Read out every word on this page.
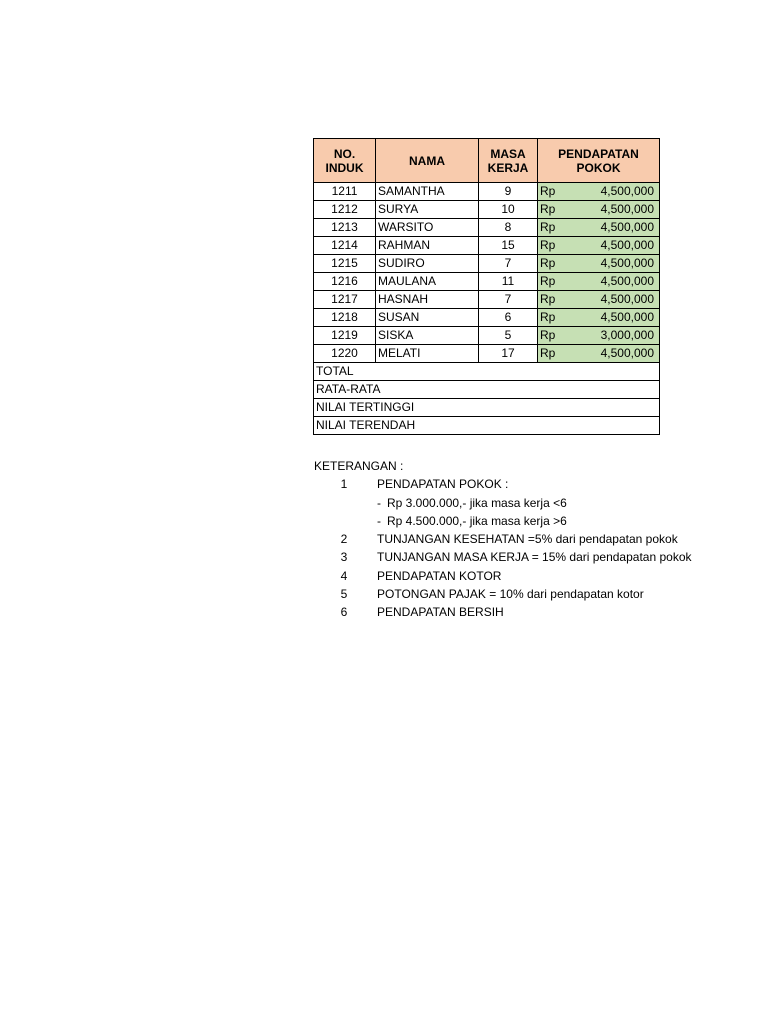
NO. INDUK	NAMA	MASA KERJA	PENDAPATAN POKOK
1211	SAMANTHA	9	Rp 4,500,000

1212	SURYA	10	Rp 4,500,000

1213	WARSITO	8	Rp 4,500,000

1214	RAHMAN	15	Rp 4,500,000

1215	SUDIRO	7	Rp 4,500,000

1216	MAULANA	11	Rp 4,500,000

1217	HASNAH	7	Rp 4,500,000

1218	SUSAN	6	Rp 4,500,000

1219	SISKA	5	Rp 3,000,000

1220	MELATI	17	Rp 4,500,000

TOTAL			
RATA-RATA			
NILAI TERTINGGI			
NILAI TERENDAH			
KETERANGAN :
1	PENDAPATAN POKOK :
- Rp 3.000.000,- jika masa kerja <6
- Rp 4.500.000,- jika masa kerja >6
2	TUNJANGAN KESEHATAN =5% dari pendapatan pokok
3	TUNJANGAN MASA KERJA = 15% dari pendapatan pokok
4	PENDAPATAN KOTOR
5	POTONGAN PAJAK = 10% dari pendapatan kotor
6	PENDAPATAN BERSIH
